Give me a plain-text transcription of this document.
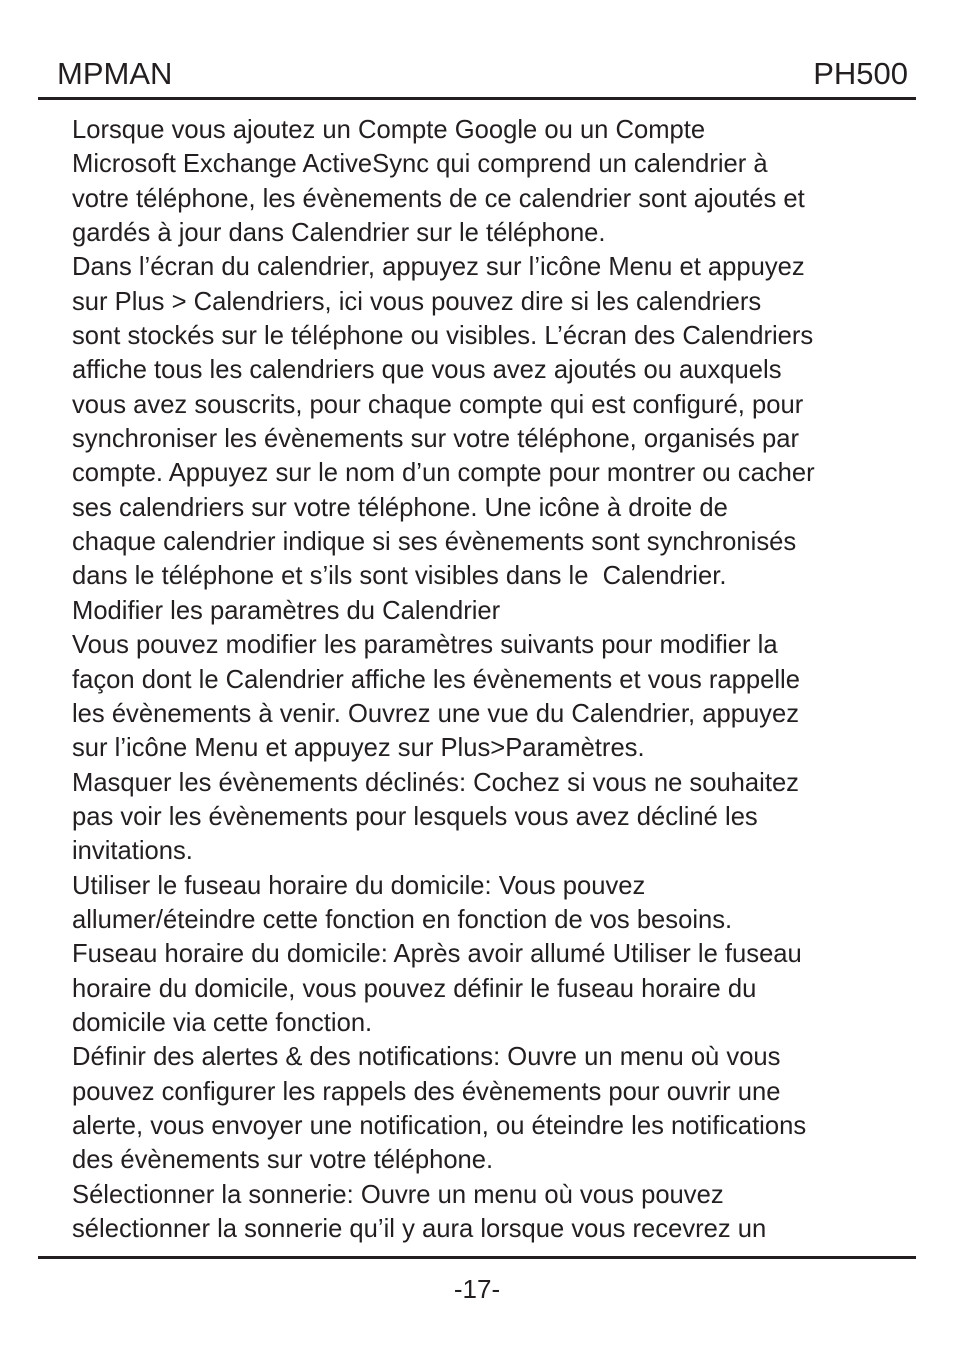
MPMAN	PH500
Lorsque vous ajoutez un Compte Google ou un Compte
Microsoft Exchange ActiveSync qui comprend un calendrier à
votre téléphone, les évènements de ce calendrier sont ajoutés et
gardés à jour dans Calendrier sur le téléphone.
Dans l’écran du calendrier, appuyez sur l’icône Menu et appuyez
sur Plus > Calendriers, ici vous pouvez dire si les calendriers
sont stockés sur le téléphone ou visibles. L’écran des Calendriers
affiche tous les calendriers que vous avez ajoutés ou auxquels
vous avez souscrits, pour chaque compte qui est configuré, pour
synchroniser les évènements sur votre téléphone, organisés par
compte. Appuyez sur le nom d’un compte pour montrer ou cacher
ses calendriers sur votre téléphone. Une icône à droite de
chaque calendrier indique si ses évènements sont synchronisés
dans le téléphone et s’ils sont visibles dans le  Calendrier.
Modifier les paramètres du Calendrier
Vous pouvez modifier les paramètres suivants pour modifier la
façon dont le Calendrier affiche les évènements et vous rappelle
les évènements à venir. Ouvrez une vue du Calendrier, appuyez
sur l’icône Menu et appuyez sur Plus>Paramètres.
Masquer les évènements déclinés: Cochez si vous ne souhaitez
pas voir les évènements pour lesquels vous avez décliné les
invitations.
Utiliser le fuseau horaire du domicile: Vous pouvez
allumer/éteindre cette fonction en fonction de vos besoins.
Fuseau horaire du domicile: Après avoir allumé Utiliser le fuseau
horaire du domicile, vous pouvez définir le fuseau horaire du
domicile via cette fonction.
Définir des alertes & des notifications: Ouvre un menu où vous
pouvez configurer les rappels des évènements pour ouvrir une
alerte, vous envoyer une notification, ou éteindre les notifications
des évènements sur votre téléphone.
Sélectionner la sonnerie: Ouvre un menu où vous pouvez
sélectionner la sonnerie qu’il y aura lorsque vous recevrez un
-17-
